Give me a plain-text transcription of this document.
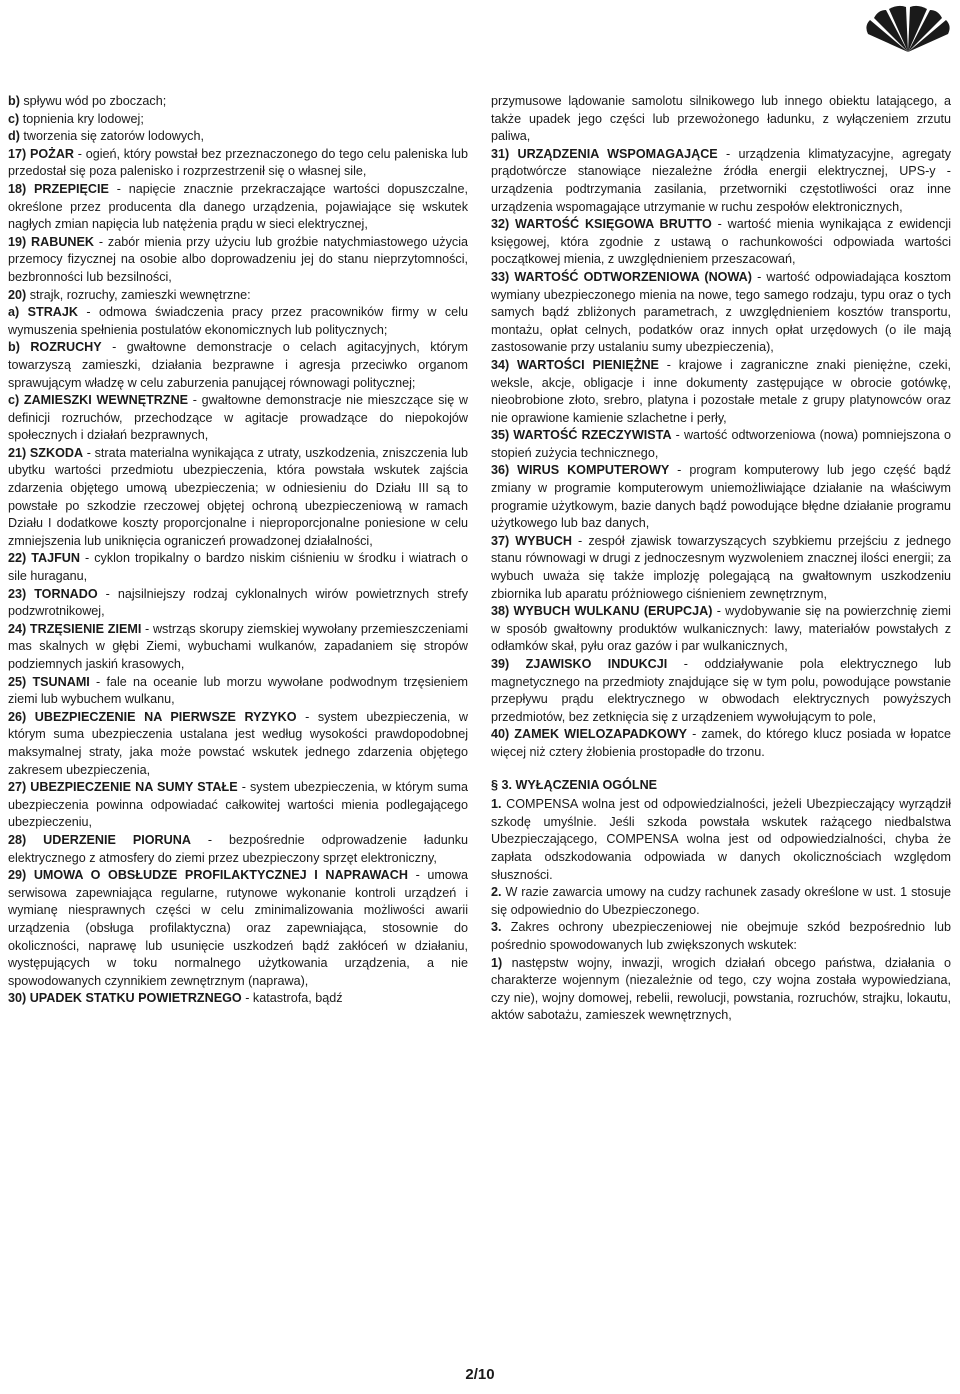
b) spływu wód po zboczach;

c) topnienia kry lodowej;

d) tworzenia się zatorów lodowych,

17) POŻAR - ogień, który powstał bez przeznaczonego do tego celu paleniska lub przedostał się poza palenisko i rozprzestrzenił się o własnej sile,

18) PRZEPIĘCIE - napięcie znacznie przekraczające wartości dopuszczalne, określone przez producenta dla danego urządzenia, pojawiające się wskutek nagłych zmian napięcia lub natężenia prądu w sieci elektrycznej,

19) RABUNEK - zabór mienia przy użyciu lub groźbie natychmiastowego użycia przemocy fizycznej na osobie albo doprowadzeniu jej do stanu nieprzytomności, bezbronności lub bezsilności,

20) strajk, rozruchy, zamieszki wewnętrzne:

a) STRAJK - odmowa świadczenia pracy przez pracowników firmy w celu wymuszenia spełnienia postulatów ekonomicznych lub politycznych;

b) ROZRUCHY - gwałtowne demonstracje o celach agitacyjnych, którym towarzyszą zamieszki, działania bezprawne i agresja przeciwko organom sprawującym władzę w celu zaburzenia panującej równowagi politycznej;

c) ZAMIESZKI WEWNĘTRZNE - gwałtowne demonstracje nie mieszczące się w definicji rozruchów, przechodzące w agitacje prowadzące do niepokojów społecznych i działań bezprawnych,

21) SZKODA - strata materialna wynikająca z utraty, uszkodzenia, zniszczenia lub ubytku wartości przedmiotu ubezpieczenia, która powstała wskutek zajścia zdarzenia objętego umową ubezpieczenia; w odniesieniu do Działu III są to powstałe po szkodzie rzeczowej objętej ochroną ubezpieczeniową w ramach Działu I dodatkowe koszty proporcjonalne i nieproporcjonalne poniesione w celu zmniejszenia lub uniknięcia ograniczeń prowadzonej działalności,

22) TAJFUN - cyklon tropikalny o bardzo niskim ciśnieniu w środku i wiatrach o sile huraganu,

23) TORNADO - najsilniejszy rodzaj cyklonalnych wirów powietrznych strefy podzwrotnikowej,

24) TRZĘSIENIE ZIEMI - wstrząs skorupy ziemskiej wywołany przemieszczeniami mas skalnych w głębi Ziemi, wybuchami wulkanów, zapadaniem się stropów podziemnych jaskiń krasowych,

25) TSUNAMI - fale na oceanie lub morzu wywołane podwodnym trzęsieniem ziemi lub wybuchem wulkanu,

26) UBEZPIECZENIE NA PIERWSZE RYZYKO - system ubezpieczenia, w którym suma ubezpieczenia ustalana jest według wysokości prawdopodobnej maksymalnej straty, jaka może powstać wskutek jednego zdarzenia objętego zakresem ubezpieczenia,

27) UBEZPIECZENIE NA SUMY STAŁE - system ubezpieczenia, w którym suma ubezpieczenia powinna odpowiadać całkowitej wartości mienia podlegającego ubezpieczeniu,

28) UDERZENIE PIORUNA - bezpośrednie odprowadzenie ładunku elektrycznego z atmosfery do ziemi przez ubezpieczony sprzęt elektroniczny,

29) UMOWA O OBSŁUDZE PROFILAKTYCZNEJ I NAPRAWACH - umowa serwisowa zapewniająca regularne, rutynowe wykonanie kontroli urządzeń i wymianę niesprawnych części w celu zminimalizowania możliwości awarii urządzenia (obsługa profilaktyczna) oraz zapewniająca, stosownie do okoliczności, naprawę lub usunięcie uszkodzeń bądź zakłóceń w działaniu, występujących w toku normalnego użytkowania urządzenia, a nie spowodowanych czynnikiem zewnętrznym (naprawa),

30) UPADEK STATKU POWIETRZNEGO - katastrofa, bądź

przymusowe lądowanie samolotu silnikowego lub innego obiektu latającego, a także upadek jego części lub przewożonego ładunku, z wyłączeniem zrzutu paliwa,

31) URZĄDZENIA WSPOMAGAJĄCE - urządzenia klimatyzacyjne, agregaty prądotwórcze stanowiące niezależne źródła energii elektrycznej, UPS-y - urządzenia podtrzymania zasilania, przetworniki częstotliwości oraz inne urządzenia wspomagające utrzymanie w ruchu zespołów elektronicznych,

32) WARTOŚĆ KSIĘGOWA BRUTTO - wartość mienia wynikająca z ewidencji księgowej, która zgodnie z ustawą o rachunkowości odpowiada wartości początkowej mienia, z uwzględnieniem przeszacowań,

33) WARTOŚĆ ODTWORZENIOWA (NOWA) - wartość odpowiadająca kosztom wymiany ubezpieczonego mienia na nowe, tego samego rodzaju, typu oraz o tych samych bądź zbliżonych parametrach, z uwzględnieniem kosztów transportu, montażu, opłat celnych, podatków oraz innych opłat urzędowych (o ile mają zastosowanie przy ustalaniu sumy ubezpieczenia),

34) WARTOŚCI PIENIĘŻNE - krajowe i zagraniczne znaki pieniężne, czeki, weksle, akcje, obligacje i inne dokumenty zastępujące w obrocie gotówkę, nieobrobione złoto, srebro, platyna i pozostałe metale z grupy platynowców oraz nie oprawione kamienie szlachetne i perły,

35) WARTOŚĆ RZECZYWISTA - wartość odtworzeniowa (nowa) pomniejszona o stopień zużycia technicznego,

36) WIRUS KOMPUTEROWY - program komputerowy lub jego część bądź zmiany w programie komputerowym uniemożliwiające działanie na właściwym programie użytkowym, bazie danych bądź powodujące błędne działanie programu użytkowego lub baz danych,

37) WYBUCH - zespół zjawisk towarzyszących szybkiemu przejściu z jednego stanu równowagi w drugi z jednoczesnym wyzwoleniem znacznej ilości energii; za wybuch uważa się także implozję polegającą na gwałtownym uszkodzeniu zbiornika lub aparatu próżniowego ciśnieniem zewnętrznym,

38) WYBUCH WULKANU (ERUPCJA) - wydobywanie się na powierzchnię ziemi w sposób gwałtowny produktów wulkanicznych: lawy, materiałów powstałych z odłamków skał, pyłu oraz gazów i par wulkanicznych,

39) ZJAWISKO INDUKCJI - oddziaływanie pola elektrycznego lub magnetycznego na przedmioty znajdujące się w tym polu, powodujące powstanie przepływu prądu elektrycznego w obwodach elektrycznych powyższych przedmiotów, bez zetknięcia się z urządzeniem wywołującym to pole,

40) ZAMEK WIELOZAPADKOWY - zamek, do którego klucz posiada w łopatce więcej niż cztery żłobienia prostopadłe do trzonu.

§ 3. WYŁĄCZENIA OGÓLNE

1. COMPENSA wolna jest od odpowiedzialności, jeżeli Ubezpieczający wyrządził szkodę umyślnie. Jeśli szkoda powstała wskutek rażącego niedbalstwa Ubezpieczającego, COMPENSA wolna jest od odpowiedzialności, chyba że zapłata odszkodowania odpowiada w danych okolicznościach względom słuszności.

2. W razie zawarcia umowy na cudzy rachunek zasady określone w ust. 1 stosuje się odpowiednio do Ubezpieczonego.

3. Zakres ochrony ubezpieczeniowej nie obejmuje szkód bezpośrednio lub pośrednio spowodowanych lub zwiększonych wskutek:

1) następstw wojny, inwazji, wrogich działań obcego państwa, działania o charakterze wojennym (niezależnie od tego, czy wojna została wypowiedziana, czy nie), wojny domowej, rebelii, rewolucji, powstania, rozruchów, strajku, lokautu, aktów sabotażu, zamieszek wewnętrznych,

2/10
